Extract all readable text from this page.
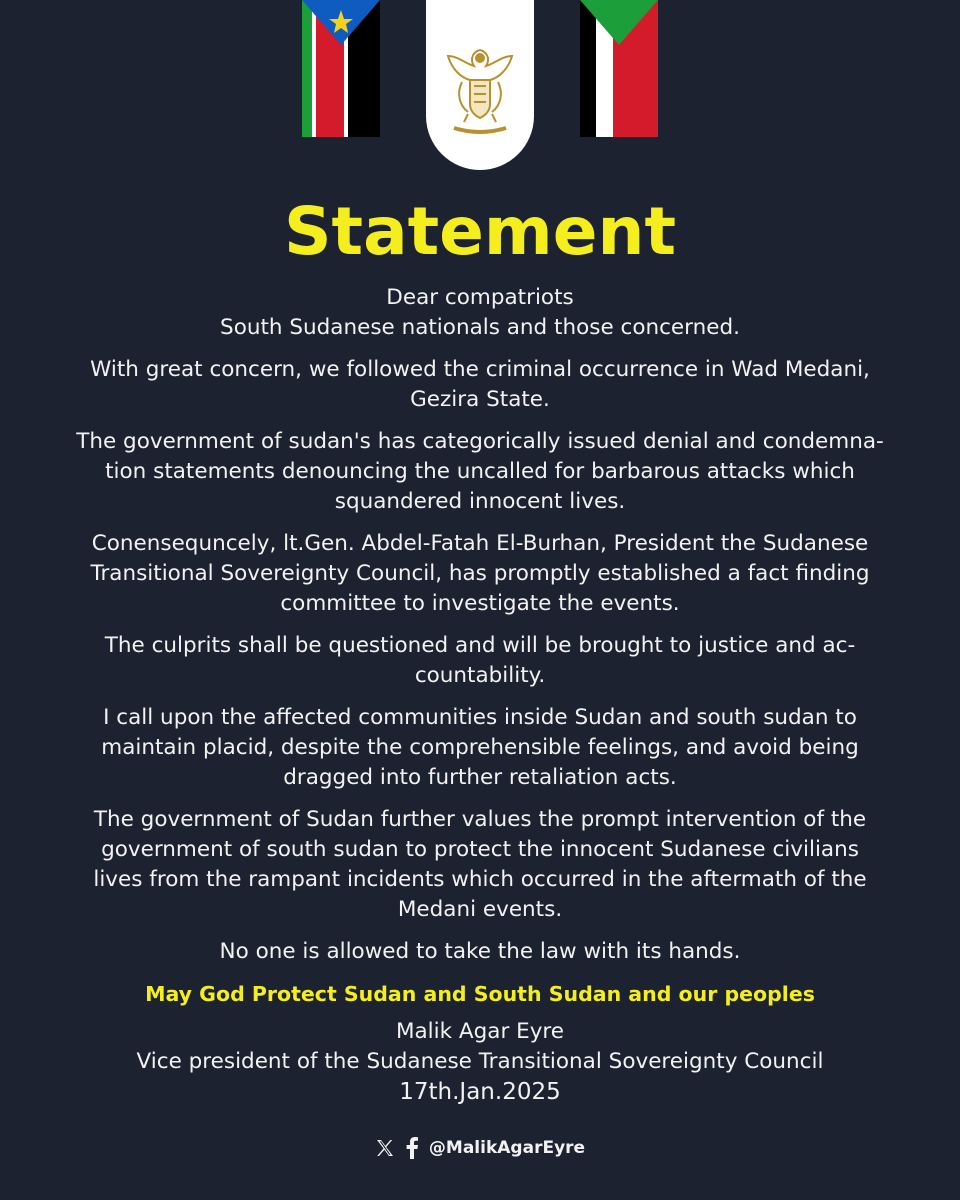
Statement

Dear compatriots
South Sudanese nationals and those concerned.

With great concern, we followed the criminal occurrence in Wad Medani,
Gezira State.

The government of sudan's has categorically issued denial and condemna-
tion statements denouncing the uncalled for barbarous attacks which
squandered innocent lives.

Conensequncely, lt.Gen. Abdel-Fatah El-Burhan, President the Sudanese
Transitional Sovereignty Council, has promptly established a fact finding
committee to investigate the events.

The culprits shall be questioned and will be brought to justice and ac-
countability.

I call upon the affected communities inside Sudan and south sudan to
maintain placid, despite the comprehensible feelings, and avoid being
dragged into further retaliation acts.

The government of Sudan further values the prompt intervention of the
government of south sudan to protect the innocent Sudanese civilians
lives from the rampant incidents which occurred in the aftermath of the
Medani events.

No one is allowed to take the law with its hands.

May God Protect Sudan and South Sudan and our peoples

Malik Agar Eyre
Vice president of the Sudanese Transitional Sovereignty Council
17th.Jan.2025
@MalikAgarEyre
